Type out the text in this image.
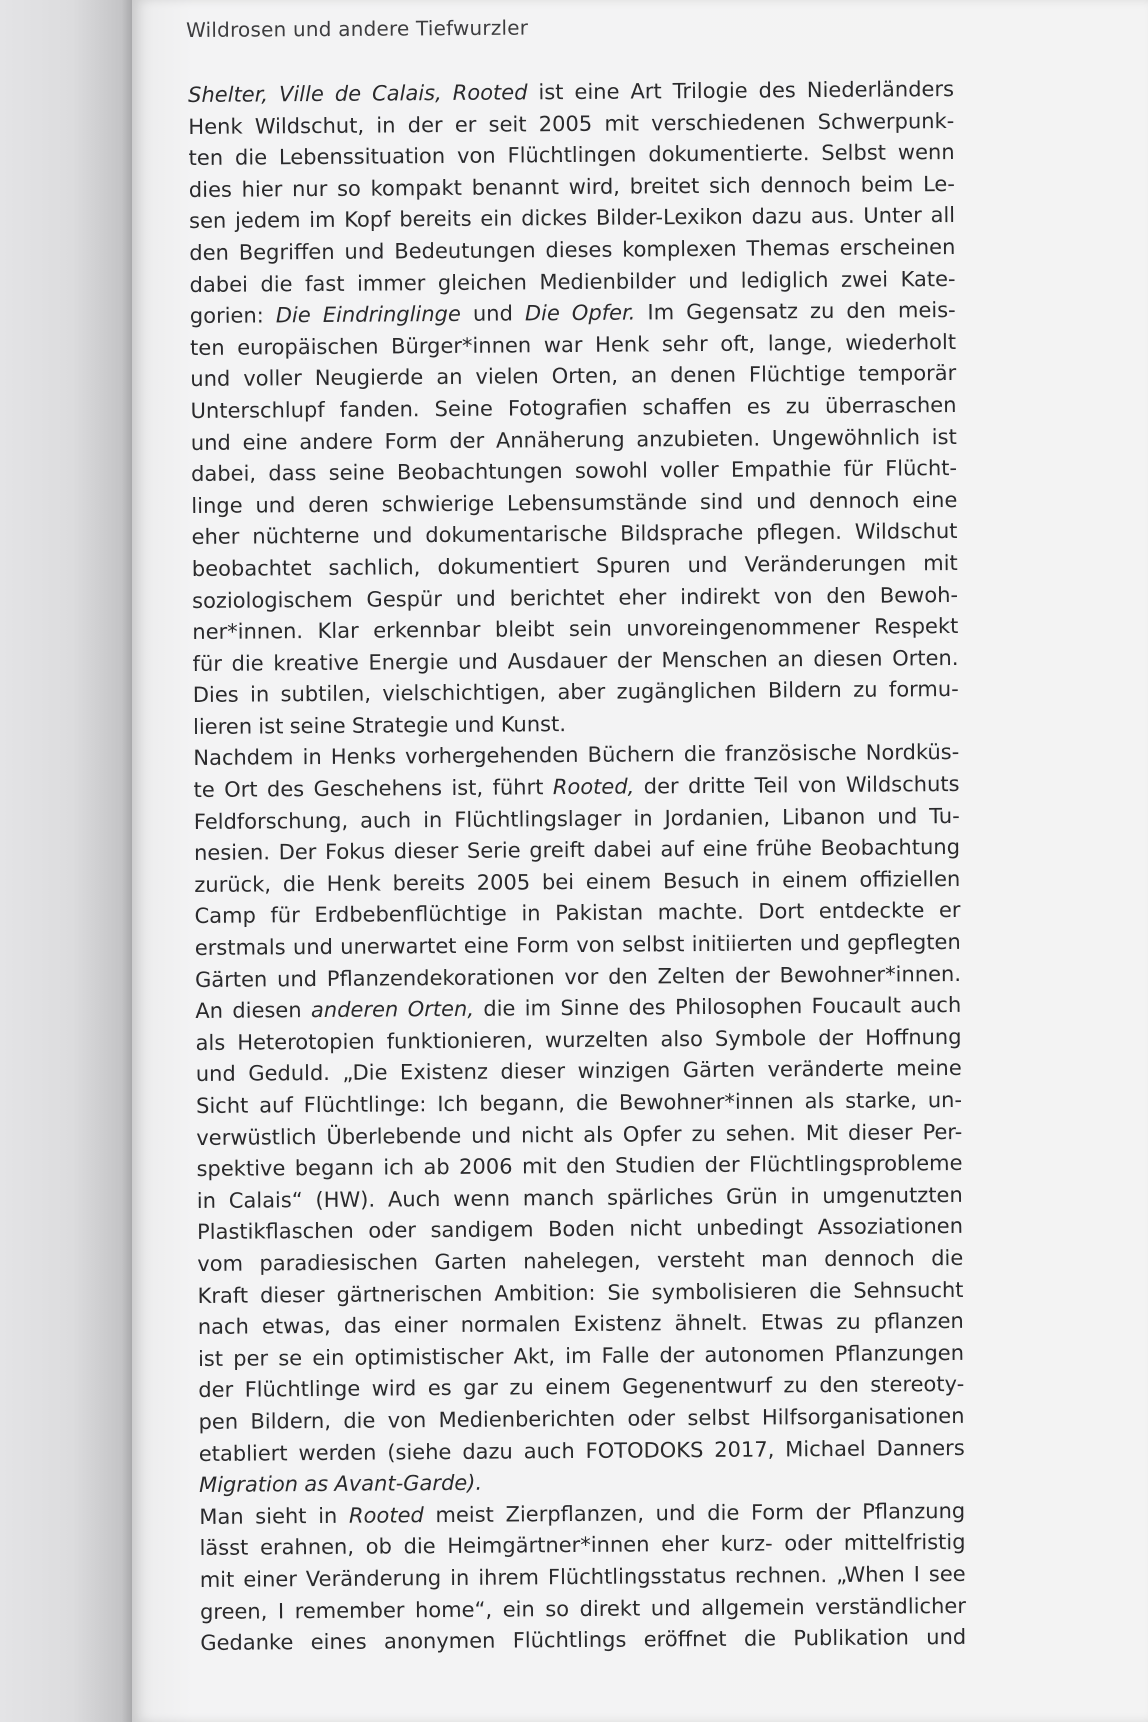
Wildrosen und andere Tiefwurzler
Shelter, Ville de Calais, Rooted ist eine Art Trilogie des Niederländers
Henk Wildschut, in der er seit 2005 mit verschiedenen Schwerpunk-
ten die Lebenssituation von Flüchtlingen dokumentierte. Selbst wenn
dies hier nur so kompakt benannt wird, breitet sich dennoch beim Le-
sen jedem im Kopf bereits ein dickes Bilder-Lexikon dazu aus. Unter all
den Begriffen und Bedeutungen dieses komplexen Themas erscheinen
dabei die fast immer gleichen Medienbilder und lediglich zwei Kate-
gorien: Die Eindringlinge und Die Opfer. Im Gegensatz zu den meis-
ten europäischen Bürger*innen war Henk sehr oft, lange, wiederholt
und voller Neugierde an vielen Orten, an denen Flüchtige temporär
Unterschlupf fanden. Seine Fotografien schaffen es zu überraschen
und eine andere Form der Annäherung anzubieten. Ungewöhnlich ist
dabei, dass seine Beobachtungen sowohl voller Empathie für Flücht-
linge und deren schwierige Lebensumstände sind und dennoch eine
eher nüchterne und dokumentarische Bildsprache pflegen. Wildschut
beobachtet sachlich, dokumentiert Spuren und Veränderungen mit
soziologischem Gespür und berichtet eher indirekt von den Bewoh-
ner*innen. Klar erkennbar bleibt sein unvoreingenommener Respekt
für die kreative Energie und Ausdauer der Menschen an diesen Orten.
Dies in subtilen, vielschichtigen, aber zugänglichen Bildern zu formu-
lieren ist seine Strategie und Kunst.
Nachdem in Henks vorhergehenden Büchern die französische Nordküs-
te Ort des Geschehens ist, führt Rooted, der dritte Teil von Wildschuts
Feldforschung, auch in Flüchtlingslager in Jordanien, Libanon und Tu-
nesien. Der Fokus dieser Serie greift dabei auf eine frühe Beobachtung
zurück, die Henk bereits 2005 bei einem Besuch in einem offiziellen
Camp für Erdbebenflüchtige in Pakistan machte. Dort entdeckte er
erstmals und unerwartet eine Form von selbst initiierten und gepflegten
Gärten und Pflanzendekorationen vor den Zelten der Bewohner*innen.
An diesen anderen Orten, die im Sinne des Philosophen Foucault auch
als Heterotopien funktionieren, wurzelten also Symbole der Hoffnung
und Geduld. „Die Existenz dieser winzigen Gärten veränderte meine
Sicht auf Flüchtlinge: Ich begann, die Bewohner*innen als starke, un-
verwüstlich Überlebende und nicht als Opfer zu sehen. Mit dieser Per-
spektive begann ich ab 2006 mit den Studien der Flüchtlingsprobleme
in Calais“ (HW). Auch wenn manch spärliches Grün in umgenutzten
Plastikflaschen oder sandigem Boden nicht unbedingt Assoziationen
vom paradiesischen Garten nahelegen, versteht man dennoch die
Kraft dieser gärtnerischen Ambition: Sie symbolisieren die Sehnsucht
nach etwas, das einer normalen Existenz ähnelt. Etwas zu pflanzen
ist per se ein optimistischer Akt, im Falle der autonomen Pflanzungen
der Flüchtlinge wird es gar zu einem Gegenentwurf zu den stereoty-
pen Bildern, die von Medienberichten oder selbst Hilfsorganisationen
etabliert werden (siehe dazu auch FOTODOKS 2017, Michael Danners
Migration as Avant-Garde).
Man sieht in Rooted meist Zierpflanzen, und die Form der Pflanzung
lässt erahnen, ob die Heimgärtner*innen eher kurz- oder mittelfristig
mit einer Veränderung in ihrem Flüchtlingsstatus rechnen. „When I see
green, I remember home“, ein so direkt und allgemein verständlicher
Gedanke eines anonymen Flüchtlings eröffnet die Publikation und
